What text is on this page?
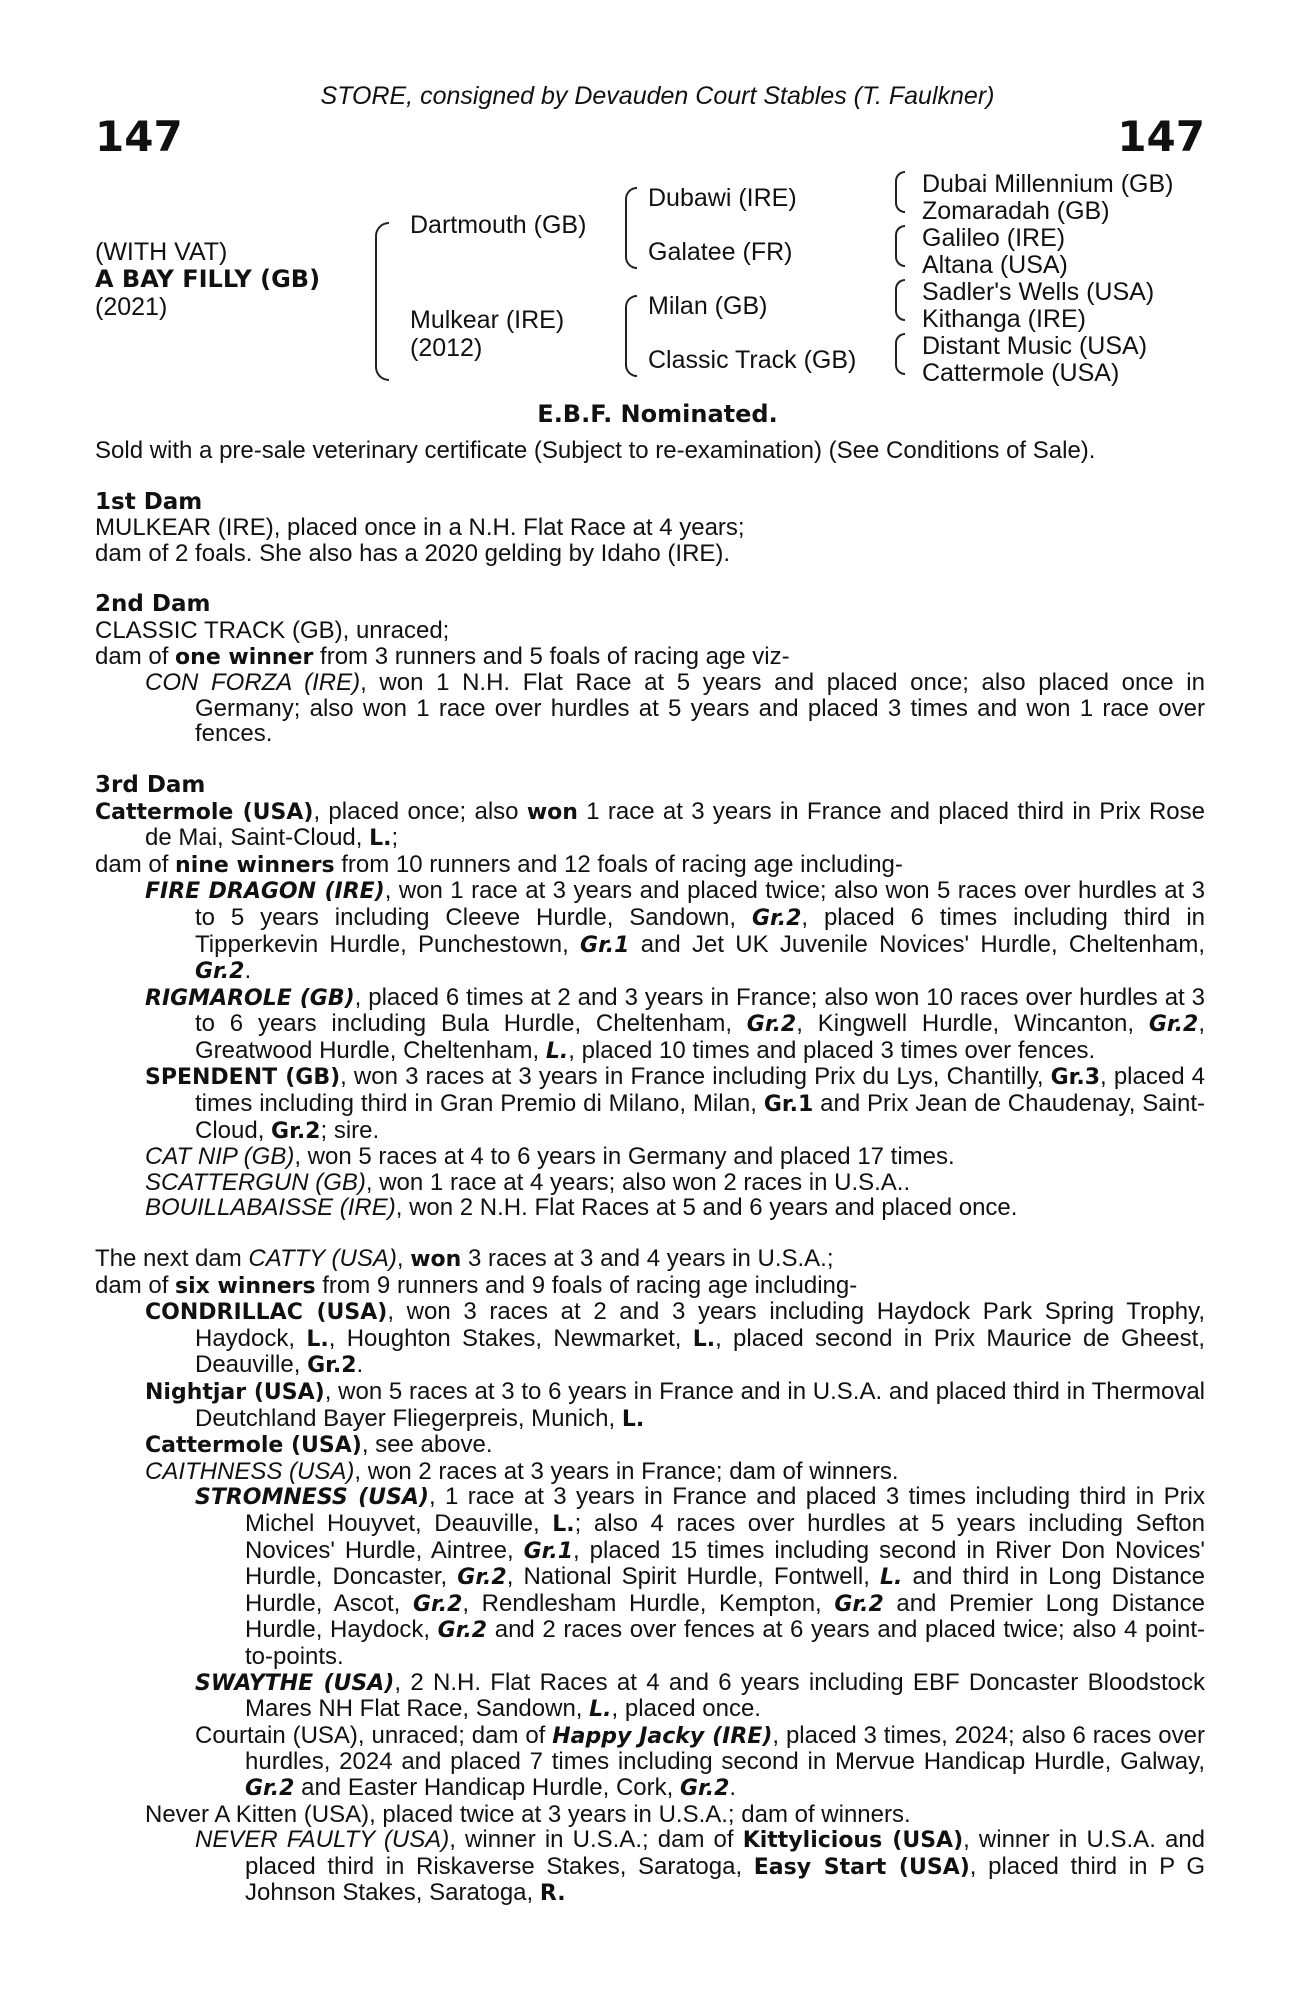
STORE, consigned by Devauden Court Stables (T. Faulkner)
147	147
(WITH VAT)
A BAY FILLY (GB)
(2021)
Dartmouth (GB)
Mulkear (IRE)
(2012)
Dubawi (IRE)
Galatee (FR)
Milan (GB)
Classic Track (GB)
Dubai Millennium (GB)
Zomaradah (GB)
Galileo (IRE)
Altana (USA)
Sadler's Wells (USA)
Kithanga (IRE)
Distant Music (USA)
Cattermole (USA)
E.B.F. Nominated.

Sold with a pre-sale veterinary certificate (Subject to re-examination) (See Conditions of Sale).

1st Dam

MULKEAR (IRE), placed once in a N.H. Flat Race at 4 years;

dam of 2 foals. She also has a 2020 gelding by Idaho (IRE).

2nd Dam

CLASSIC TRACK (GB), unraced;

dam of one winner from 3 runners and 5 foals of racing age viz-

CON FORZA (IRE), won 1 N.H. Flat Race at 5 years and placed once; also placed once in Germany; also won 1 race over hurdles at 5 years and placed 3 times and won 1 race over fences.

3rd Dam

Cattermole (USA), placed once; also won 1 race at 3 years in France and placed third in Prix Rose de Mai, Saint-Cloud, L.;

dam of nine winners from 10 runners and 12 foals of racing age including-

FIRE DRAGON (IRE), won 1 race at 3 years and placed twice; also won 5 races over hurdles at 3 to 5 years including Cleeve Hurdle, Sandown, Gr.2, placed 6 times including third in Tipperkevin Hurdle, Punchestown, Gr.1 and Jet UK Juvenile Novices' Hurdle, Cheltenham, Gr.2.

RIGMAROLE (GB), placed 6 times at 2 and 3 years in France; also won 10 races over hurdles at 3 to 6 years including Bula Hurdle, Cheltenham, Gr.2, Kingwell Hurdle, Wincanton, Gr.2, Greatwood Hurdle, Cheltenham, L., placed 10 times and placed 3 times over fences.

SPENDENT (GB), won 3 races at 3 years in France including Prix du Lys, Chantilly, Gr.3, placed 4 times including third in Gran Premio di Milano, Milan, Gr.1 and Prix Jean de Chaudenay, Saint-Cloud, Gr.2; sire.

CAT NIP (GB), won 5 races at 4 to 6 years in Germany and placed 17 times.

SCATTERGUN (GB), won 1 race at 4 years; also won 2 races in U.S.A..

BOUILLABAISSE (IRE), won 2 N.H. Flat Races at 5 and 6 years and placed once.

The next dam CATTY (USA), won 3 races at 3 and 4 years in U.S.A.;

dam of six winners from 9 runners and 9 foals of racing age including-

CONDRILLAC (USA), won 3 races at 2 and 3 years including Haydock Park Spring Trophy, Haydock, L., Houghton Stakes, Newmarket, L., placed second in Prix Maurice de Gheest, Deauville, Gr.2.

Nightjar (USA), won 5 races at 3 to 6 years in France and in U.S.A. and placed third in Thermoval Deutchland Bayer Fliegerpreis, Munich, L.

Cattermole (USA), see above.

CAITHNESS (USA), won 2 races at 3 years in France; dam of winners.

STROMNESS (USA), 1 race at 3 years in France and placed 3 times including third in Prix Michel Houyvet, Deauville, L.; also 4 races over hurdles at 5 years including Sefton Novices' Hurdle, Aintree, Gr.1, placed 15 times including second in River Don Novices' Hurdle, Doncaster, Gr.2, National Spirit Hurdle, Fontwell, L. and third in Long Distance Hurdle, Ascot, Gr.2, Rendlesham Hurdle, Kempton, Gr.2 and Premier Long Distance Hurdle, Haydock, Gr.2 and 2 races over fences at 6 years and placed twice; also 4 point-to-points.

SWAYTHE (USA), 2 N.H. Flat Races at 4 and 6 years including EBF Doncaster Bloodstock Mares NH Flat Race, Sandown, L., placed once.

Courtain (USA), unraced; dam of Happy Jacky (IRE), placed 3 times, 2024; also 6 races over hurdles, 2024 and placed 7 times including second in Mervue Handicap Hurdle, Galway, Gr.2 and Easter Handicap Hurdle, Cork, Gr.2.

Never A Kitten (USA), placed twice at 3 years in U.S.A.; dam of winners.

NEVER FAULTY (USA), winner in U.S.A.; dam of Kittylicious (USA), winner in U.S.A. and placed third in Riskaverse Stakes, Saratoga, Easy Start (USA), placed third in P G Johnson Stakes, Saratoga, R.
